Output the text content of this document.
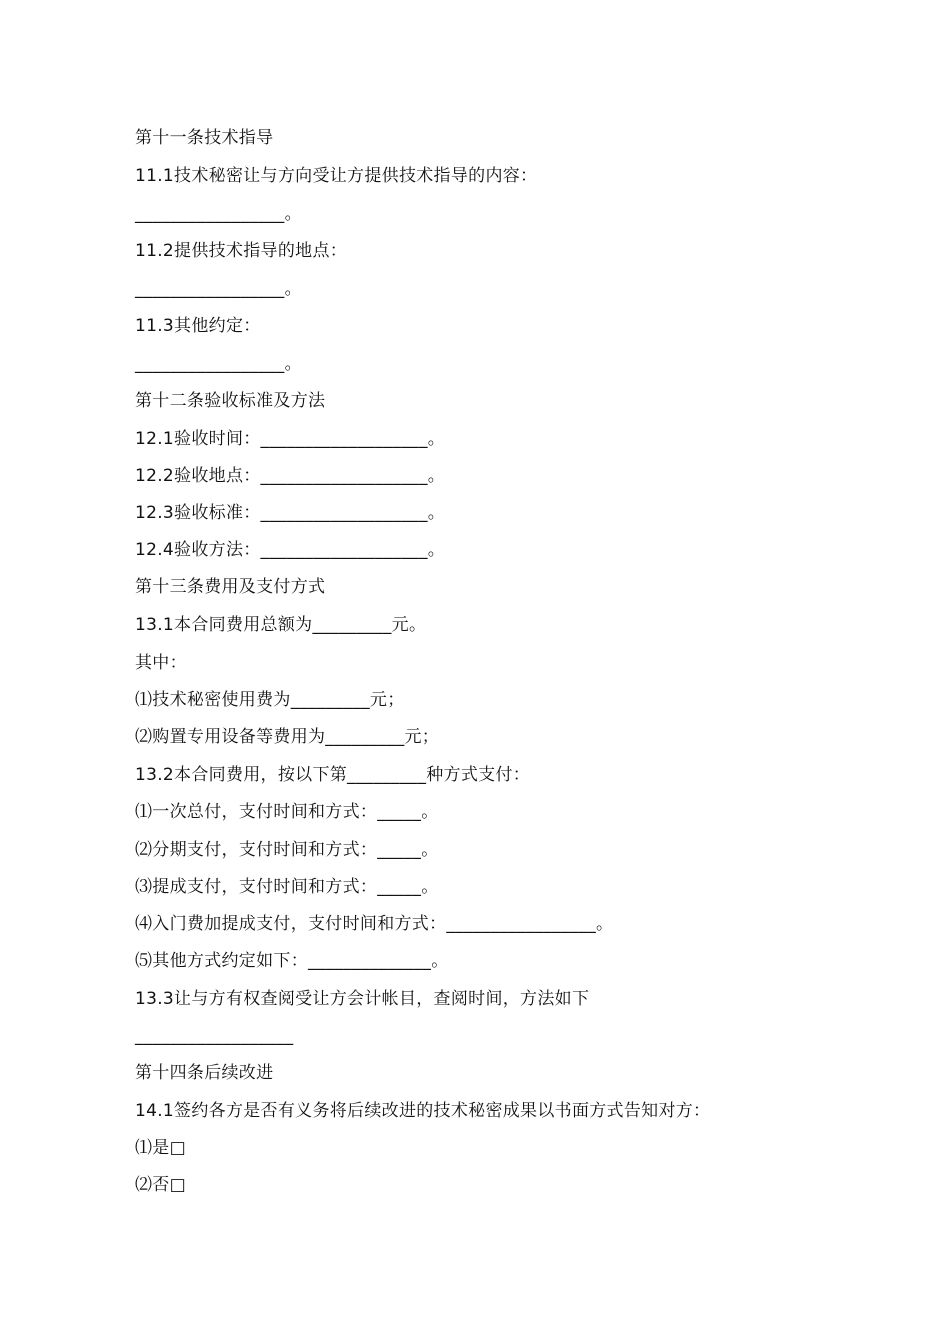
第十一条技术指导
11.1技术秘密让与方向受让方提供技术指导的内容：
_________________。
11.2提供技术指导的地点：
_________________。
11.3其他约定：
_________________。
第十二条验收标准及方法
12.1验收时间：___________________。
12.2验收地点：___________________。
12.3验收标准：___________________。
12.4验收方法：___________________。
第十三条费用及支付方式
13.1本合同费用总额为_________元。
其中：
⑴技术秘密使用费为_________元；
⑵购置专用设备等费用为_________元；
13.2本合同费用，按以下第_________种方式支付：
⑴一次总付，支付时间和方式：_____。
⑵分期支付，支付时间和方式：_____。
⑶提成支付，支付时间和方式：_____。
⑷入门费加提成支付，支付时间和方式：_________________。
⑸其他方式约定如下：______________。
13.3让与方有权查阅受让方会计帐目，查阅时间，方法如下
__________________
第十四条后续改进
14.1签约各方是否有义务将后续改进的技术秘密成果以书面方式告知对方：
⑴是□
⑵否□
